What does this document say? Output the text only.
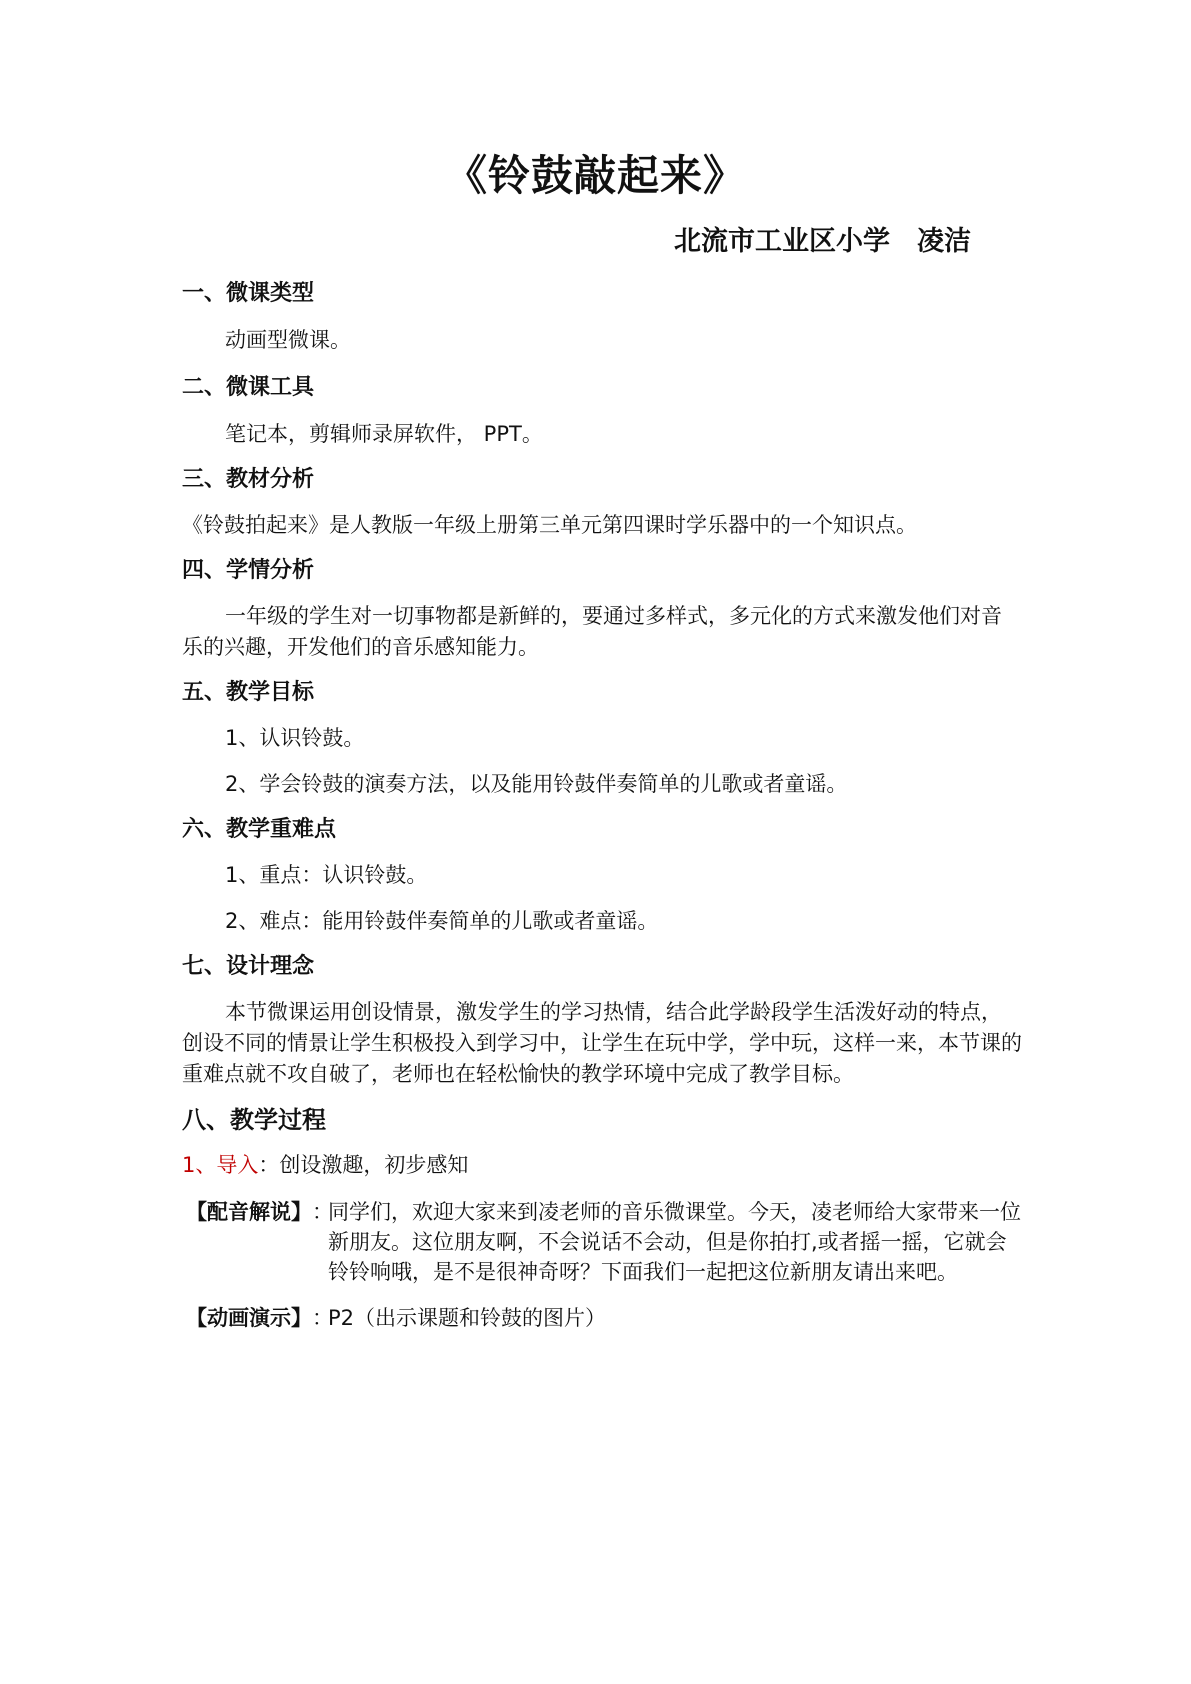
《铃鼓敲起来》
北流市工业区小学　凌洁

一、微课类型

动画型微课。

二、微课工具

笔记本，剪辑师录屏软件， PPT。

三、教材分析

《铃鼓拍起来》是人教版一年级上册第三单元第四课时学乐器中的一个知识点。

四、学情分析

一年级的学生对一切事物都是新鲜的，要通过多样式，多元化的方式来激发他们对音乐的兴趣，开发他们的音乐感知能力。

五、教学目标

1、认识铃鼓。

2、学会铃鼓的演奏方法，以及能用铃鼓伴奏简单的儿歌或者童谣。

六、教学重难点

1、重点：认识铃鼓。

2、难点：能用铃鼓伴奏简单的儿歌或者童谣。

七、设计理念

本节微课运用创设情景，激发学生的学习热情，结合此学龄段学生活泼好动的特点，创设不同的情景让学生积极投入到学习中，让学生在玩中学，学中玩，这样一来，本节课的重难点就不攻自破了，老师也在轻松愉快的教学环境中完成了教学目标。

八、教学过程

1、导入：创设激趣，初步感知

【配音解说】 ：
同学们，欢迎大家来到凌老师的音乐微课堂。今天，凌老师给大家带来一位新朋友。这位朋友啊，不会说话不会动，但是你拍打,或者摇一摇，它就会铃铃响哦，是不是很神奇呀？下面我们一起把这位新朋友请出来吧。
【动画演示】 ：
P2（出示课题和铃鼓的图片）
